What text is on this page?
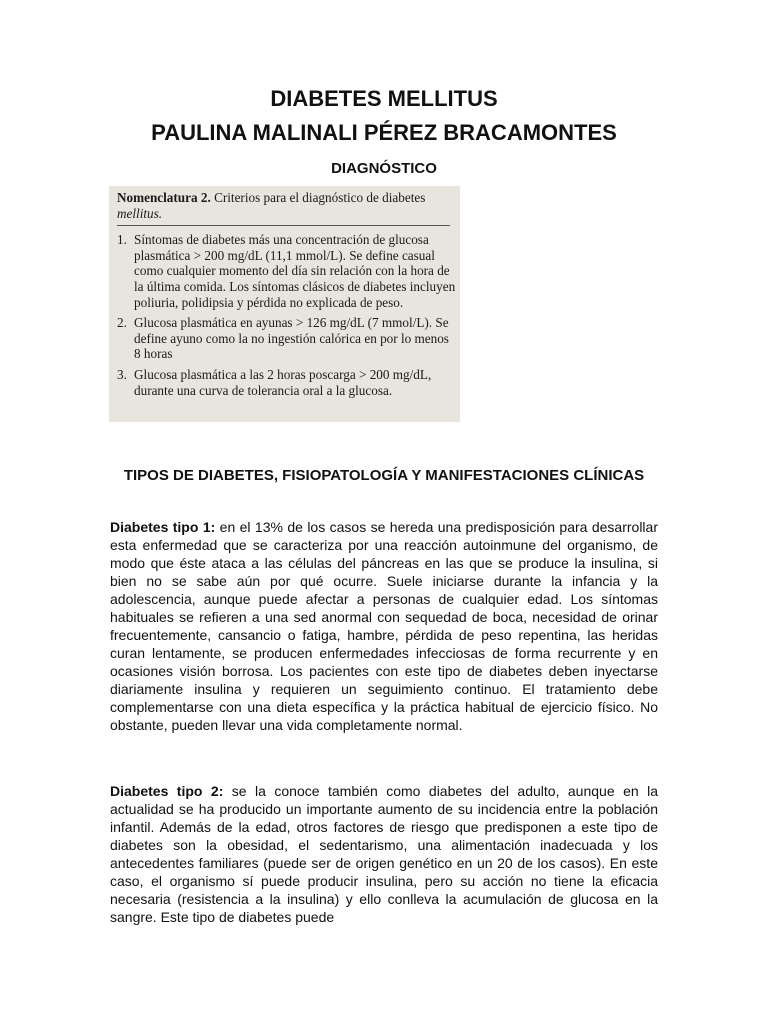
DIABETES MELLITUS
PAULINA MALINALI PÉREZ BRACAMONTES
DIAGNÓSTICO

Nomenclatura 2. Criterios para el diagnóstico de diabetes mellitus.

1. Síntomas de diabetes más una concentración de glucosa plasmática > 200 mg/dL (11,1 mmol/L). Se define casual como cualquier momento del día sin relación con la hora de la última comida. Los síntomas clásicos de diabetes incluyen poliuria, polidipsia y pérdida no explicada de peso.
2. Glucosa plasmática en ayunas > 126 mg/dL (7 mmol/L). Se define ayuno como la no ingestión calórica en por lo menos 8 horas
3. Glucosa plasmática a las 2 horas poscarga > 200 mg/dL, durante una curva de tolerancia oral a la glucosa.
TIPOS DE DIABETES, FISIOPATOLOGÍA Y MANIFESTACIONES CLÍNICAS

Diabetes tipo 1: en el 13% de los casos se hereda una predisposición para desarrollar esta enfermedad que se caracteriza por una reacción autoinmune del organismo, de modo que éste ataca a las células del páncreas en las que se produce la insulina, si bien no se sabe aún por qué ocurre. Suele iniciarse durante la infancia y la adolescencia, aunque puede afectar a personas de cualquier edad. Los síntomas habituales se refieren a una sed anormal con sequedad de boca, necesidad de orinar frecuentemente, cansancio o fatiga, hambre, pérdida de peso repentina, las heridas curan lentamente, se producen enfermedades infecciosas de forma recurrente y en ocasiones visión borrosa. Los pacientes con este tipo de diabetes deben inyectarse diariamente insulina y requieren un seguimiento continuo. El tratamiento debe complementarse con una dieta específica y la práctica habitual de ejercicio físico. No obstante, pueden llevar una vida completamente normal.

Diabetes tipo 2: se la conoce también como diabetes del adulto, aunque en la actualidad se ha producido un importante aumento de su incidencia entre la población infantil. Además de la edad, otros factores de riesgo que predisponen a este tipo de diabetes son la obesidad, el sedentarismo, una alimentación inadecuada y los antecedentes familiares (puede ser de origen genético en un 20 de los casos). En este caso, el organismo sí puede producir insulina, pero su acción no tiene la eficacia necesaria (resistencia a la insulina) y ello conlleva la acumulación de glucosa en la sangre. Este tipo de diabetes puede
